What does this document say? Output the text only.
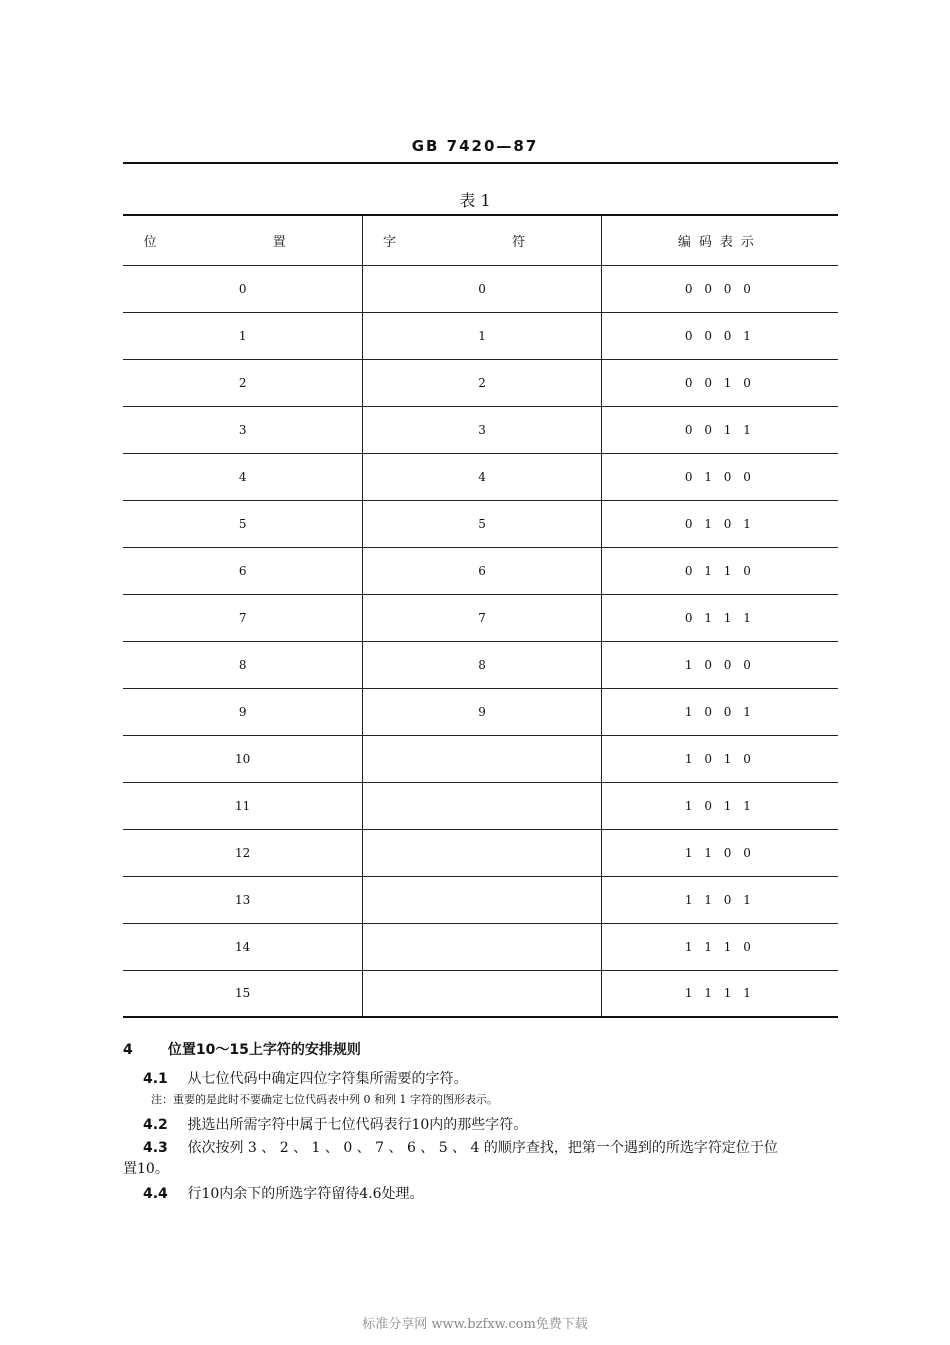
GB 7420—87
表 1
位 置	字 符	编码表示
0	0	0 0 0 0
1	1	0 0 0 1
2	2	0 0 1 0
3	3	0 0 1 1
4	4	0 1 0 0
5	5	0 1 0 1
6	6	0 1 1 0
7	7	0 1 1 1
8	8	1 0 0 0
9	9	1 0 0 1
10		1 0 1 0
11		1 0 1 1
12		1 1 0 0
13		1 1 0 1
14		1 1 1 0
15		1 1 1 1
4	位置10～15上字符的安排规则
4.1 从七位代码中确定四位字符集所需要的字符。
注：重要的是此时不要确定七位代码表中列 0 和列 1 字符的图形表示。
4.2 挑选出所需字符中属于七位代码表行10内的那些字符。
4.3 依次按列 3 、 2 、 1 、 0 、 7 、 6 、 5 、 4 的顺序查找，把第一个遇到的所选字符定位于位
置10。
4.4 行10内余下的所选字符留待4.6处理。
标准分享网 www.bzfxw.com免费下载
